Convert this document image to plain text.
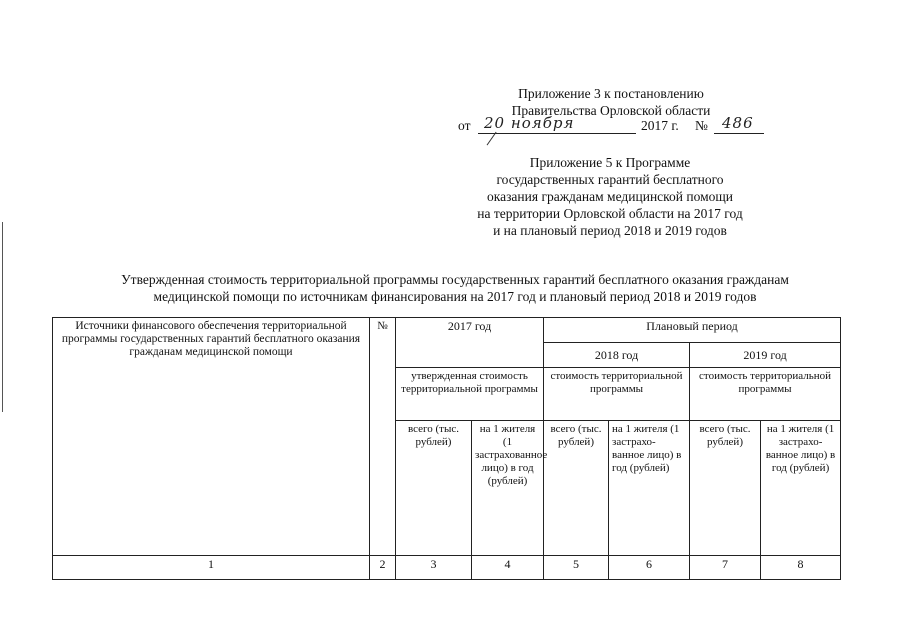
Приложение 3 к постановлению
Правительства Орловской области
от 20 ноября	2017 г. № 486
Приложение 5 к Программе
государственных гарантий бесплатного
оказания гражданам медицинской помощи
на территории Орловской области на 2017 год
и на плановый период 2018 и 2019 годов
Утвержденная стоимость территориальной программы государственных гарантий бесплатного оказания гражданам
медицинской помощи по источникам финансирования на 2017 год и плановый период 2018 и 2019 годов
Источники финансового обеспечения территориальной программы государственных гарантий бесплатного оказания гражданам медицинской помощи	№	2017 год		Плановый период			
				2018 год		2019 год	
		утвержденная стоимость территориальной программы		стоимость территориальной программы		стоимость территориальной программы	
		всего (тыс. рублей)	на 1 жителя (1 застрахованное лицо) в год (рублей)	всего (тыс. рублей)	на 1 жителя (1 застрахо-ванное лицо) в год (рублей)	всего (тыс. рублей)	на 1 жителя (1 застрахо-ванное лицо) в год (рублей)
1	2	3	4	5	6	7	8
